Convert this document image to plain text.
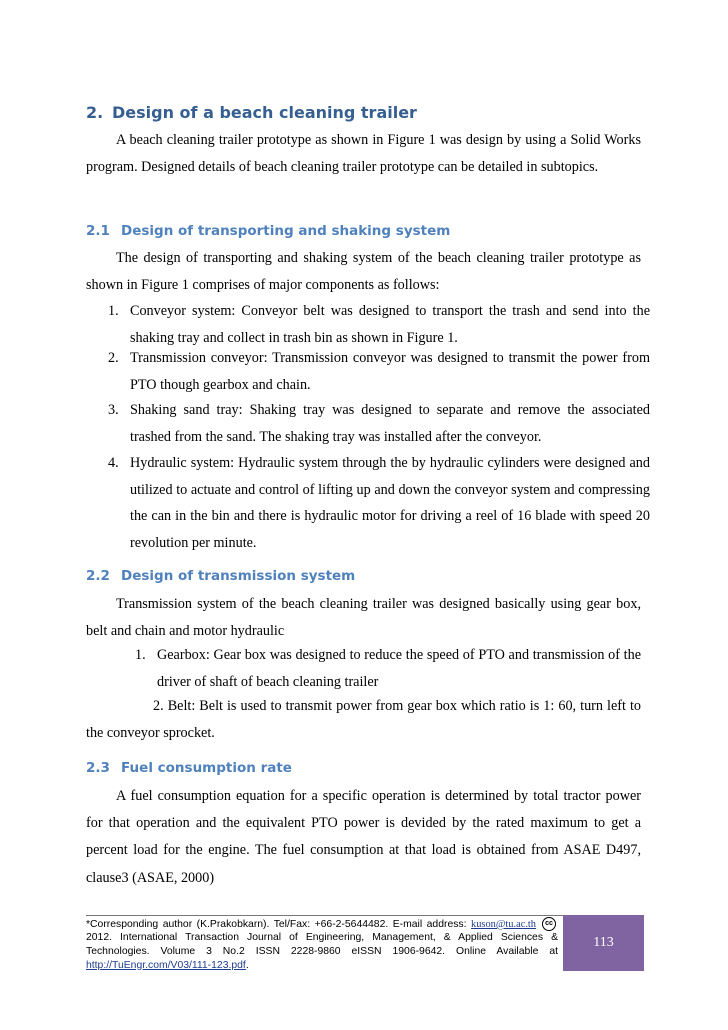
2. Design of a beach cleaning trailer

A beach cleaning trailer prototype as shown in Figure 1 was design by using a Solid Works program. Designed details of beach cleaning trailer prototype can be detailed in subtopics.

2.1 Design of transporting and shaking system

The design of transporting and shaking system of the beach cleaning trailer prototype as shown in Figure 1 comprises of major components as follows:

1. Conveyor system: Conveyor belt was designed to transport the trash and send into the shaking tray and collect in trash bin as shown in Figure 1.

2. Transmission conveyor: Transmission conveyor was designed to transmit the power from PTO though gearbox and chain.

3. Shaking sand tray: Shaking tray was designed to separate and remove the associated trashed from the sand. The shaking tray was installed after the conveyor.

4. Hydraulic system: Hydraulic system through the by hydraulic cylinders were designed and utilized to actuate and control of lifting up and down the conveyor system and compressing the can in the bin and there is hydraulic motor for driving a reel of 16 blade with speed 20 revolution per minute.

2.2 Design of transmission system

Transmission system of the beach cleaning trailer was designed basically using gear box, belt and chain and motor hydraulic

1. Gearbox: Gear box was designed to reduce the speed of PTO and transmission of the driver of shaft of beach cleaning trailer

2. Belt: Belt is used to transmit power from gear box which ratio is 1: 60, turn left to the conveyor sprocket.

2.3 Fuel consumption rate

A fuel consumption equation for a specific operation is determined by total tractor power for that operation and the equivalent PTO power is devided by the rated maximum to get a percent load for the engine. The fuel consumption at that load is obtained from ASAE D497, clause3 (ASAE, 2000)

*Corresponding author (K.Prakobkarn). Tel/Fax: +66-2-5644482. E-mail address: kuson@tu.ac.th cc2012. International Transaction Journal of Engineering, Management, & Applied Sciences & Technologies. Volume 3 No.2 ISSN 2228-9860 eISSN 1906-9642. Online Available at http://TuEngr.com/V03/111-123.pdf.

113
